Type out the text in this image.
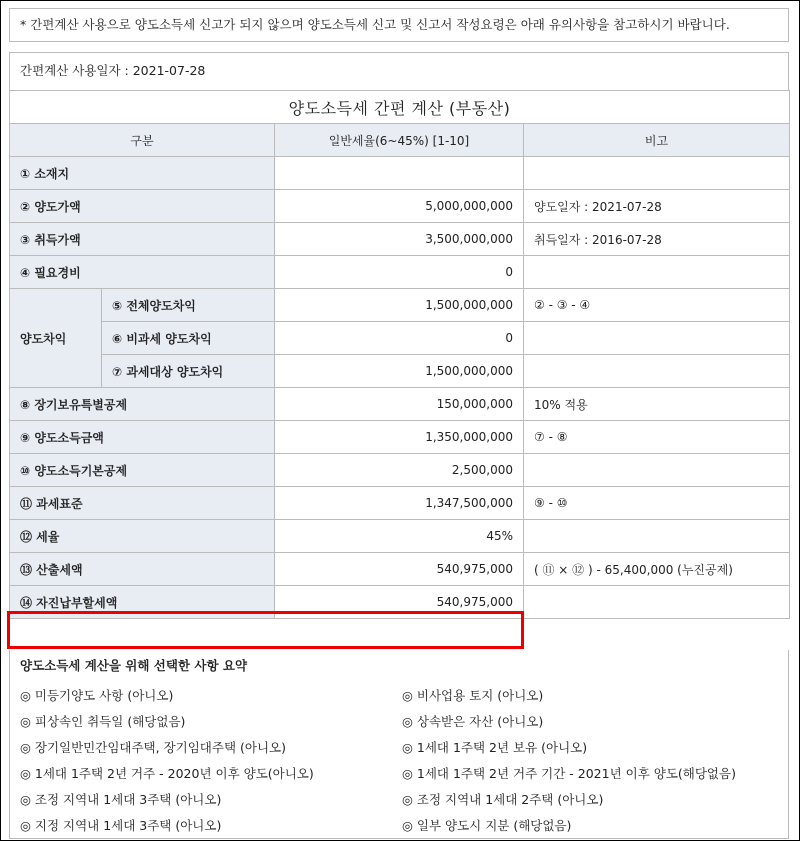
* 간편계산 사용으로 양도소득세 신고가 되지 않으며 양도소득세 신고 및 신고서 작성요령은 아래 유의사항을 참고하시기 바랍니다.
간편계산 사용일자 : 2021-07-28
양도소득세 간편 계산 (부동산)			
구분		일반세율(6~45%) [1-10]	비고
① 소재지			
② 양도가액		5,000,000,000	양도일자 : 2021-07-28
③ 취득가액		3,500,000,000	취득일자 : 2016-07-28
④ 필요경비		0	
양도차익	⑤ 전체양도차익	1,500,000,000	② - ③ - ④
	⑥ 비과세 양도차익	0	
	⑦ 과세대상 양도차익	1,500,000,000	
⑧ 장기보유특별공제		150,000,000	10% 적용
⑨ 양도소득금액		1,350,000,000	⑦ - ⑧
⑩ 양도소득기본공제		2,500,000	
⑪ 과세표준		1,347,500,000	⑨ - ⑩
⑫ 세율		45%	
⑬ 산출세액		540,975,000	( ⑪ × ⑫ ) - 65,400,000 (누진공제)
⑭ 자진납부할세액		540,975,000	
양도소득세 계산을 위해 선택한 사항 요약
◎ 미등기양도 사항 (아니오)
◎ 피상속인 취득일 (해당없음)
◎ 장기일반민간임대주택, 장기임대주택 (아니오)
◎ 1세대 1주택 2년 거주 - 2020년 이후 양도(아니오)
◎ 조정 지역내 1세대 3주택 (아니오)
◎ 지정 지역내 1세대 3주택 (아니오)
◎ 비사업용 토지 (아니오)
◎ 상속받은 자산 (아니오)
◎ 1세대 1주택 2년 보유 (아니오)
◎ 1세대 1주택 2년 거주 기간 - 2021년 이후 양도(해당없음)
◎ 조정 지역내 1세대 2주택 (아니오)
◎ 일부 양도시 지분 (해당없음)
